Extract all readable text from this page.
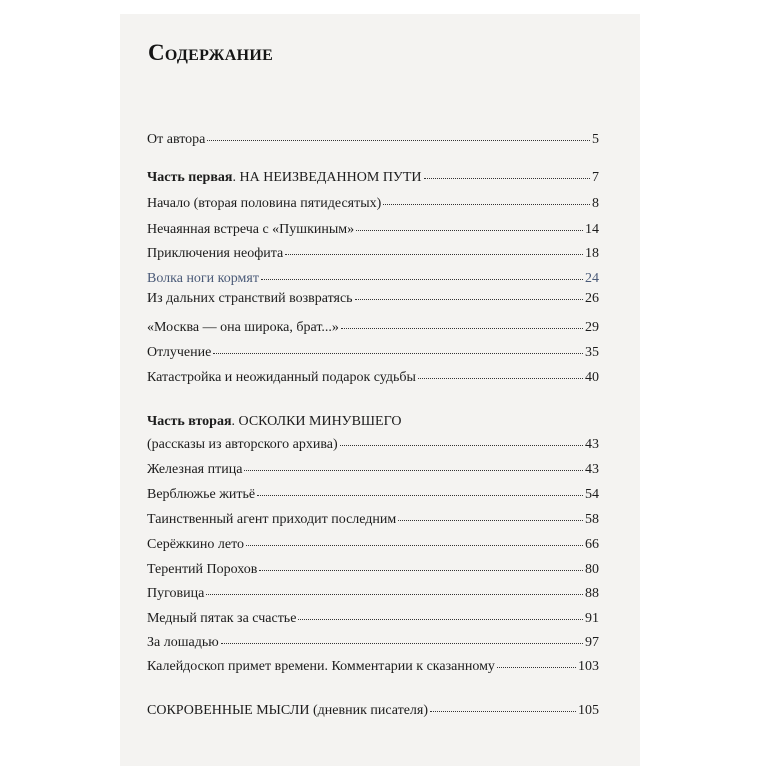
Содержание
От автора	5
Часть первая. НА НЕИЗВЕДАННОМ ПУТИ	7
Начало (вторая половина пятидесятых)	8
Нечаянная встреча с «Пушкиным»	14
Приключения неофита	18
Волка ноги кормят	24
Из дальних странствий возвратясь	26
«Москва — она широка, брат...»	29
Отлучение	35
Катастройка и неожиданный подарок судьбы	40
Часть вторая. ОСКОЛКИ МИНУВШЕГО
(рассказы из авторского архива)	43
Железная птица	43
Верблюжье житьё	54
Таинственный агент приходит последним	58
Серёжкино лето	66
Терентий Порохов	80
Пуговица	88
Медный пятак за счастье	91
За лошадью	97
Калейдоскоп примет времени. Комментарии к сказанному	103
СОКРОВЕННЫЕ МЫСЛИ (дневник писателя)	105
